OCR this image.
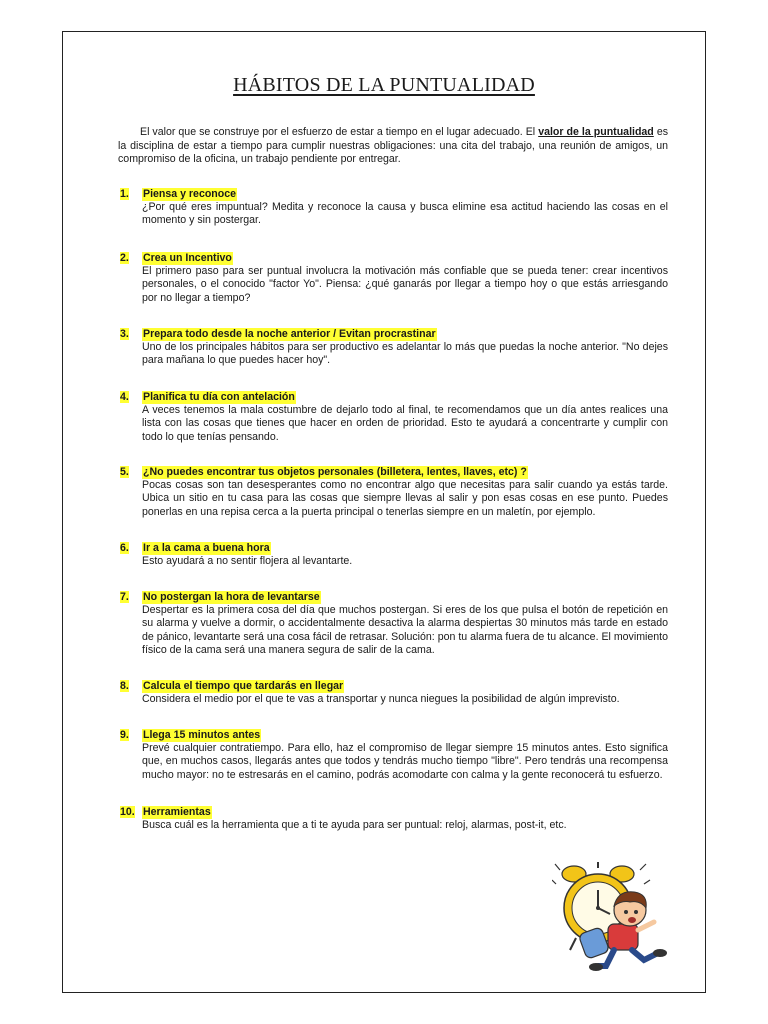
HÁBITOS DE LA PUNTUALIDAD
El valor que se construye por el esfuerzo de estar a tiempo en el lugar adecuado. El valor de la puntualidad es la disciplina de estar a tiempo para cumplir nuestras obligaciones: una cita del trabajo, una reunión de amigos, un compromiso de la oficina, un trabajo pendiente por entregar.
1.	Piensa y reconoce
¿Por qué eres impuntual? Medita y reconoce la causa y busca elimine esa actitud haciendo las cosas en el momento y sin postergar.
2.	Crea un Incentivo
El primero paso para ser puntual involucra la motivación más confiable que se pueda tener: crear incentivos personales, o el conocido "factor Yo". Piensa: ¿qué ganarás por llegar a tiempo hoy o que estás arriesgando por no llegar a tiempo?
3.	Prepara todo desde la noche anterior / Evitan procrastinar
Uno de los principales hábitos para ser productivo es adelantar lo más que puedas la noche anterior. "No dejes para mañana lo que puedes hacer hoy".
4.	Planifica tu día con antelación
A veces tenemos la mala costumbre de dejarlo todo al final, te recomendamos que un día antes realices una lista con las cosas que tienes que hacer en orden de prioridad. Esto te ayudará a concentrarte y cumplir con todo lo que tenías pensando.
5.	¿No puedes encontrar tus objetos personales (billetera, lentes, llaves, etc) ?
Pocas cosas son tan desesperantes como no encontrar algo que necesitas para salir cuando ya estás tarde. Ubica un sitio en tu casa para las cosas que siempre llevas al salir y pon esas cosas en ese punto. Puedes ponerlas en una repisa cerca a la puerta principal o tenerlas siempre en un maletín, por ejemplo.
6.	Ir a la cama a buena hora
Esto ayudará a no sentir flojera al levantarte.
7.	No postergan la hora de levantarse
Despertar es la primera cosa del día que muchos postergan. Si eres de los que pulsa el botón de repetición en su alarma y vuelve a dormir, o accidentalmente desactiva la alarma despiertas 30 minutos más tarde en estado de pánico, levantarte será una cosa fácil de retrasar. Solución: pon tu alarma fuera de tu alcance. El movimiento físico de la cama será una manera segura de salir de la cama.
8.	Calcula el tiempo que tardarás en llegar
Considera el medio por el que te vas a transportar y nunca niegues la posibilidad de algún imprevisto.
9.	Llega 15 minutos antes
Prevé cualquier contratiempo. Para ello, haz el compromiso de llegar siempre 15 minutos antes. Esto significa que, en muchos casos, llegarás antes que todos y tendrás mucho tiempo "libre". Pero tendrás una recompensa mucho mayor: no te estresarás en el camino, podrás acomodarte con calma y la gente reconocerá tu esfuerzo.
10. Herramientas
Busca cuál es la herramienta que a ti te ayuda para ser puntual: reloj, alarmas, post-it, etc.
